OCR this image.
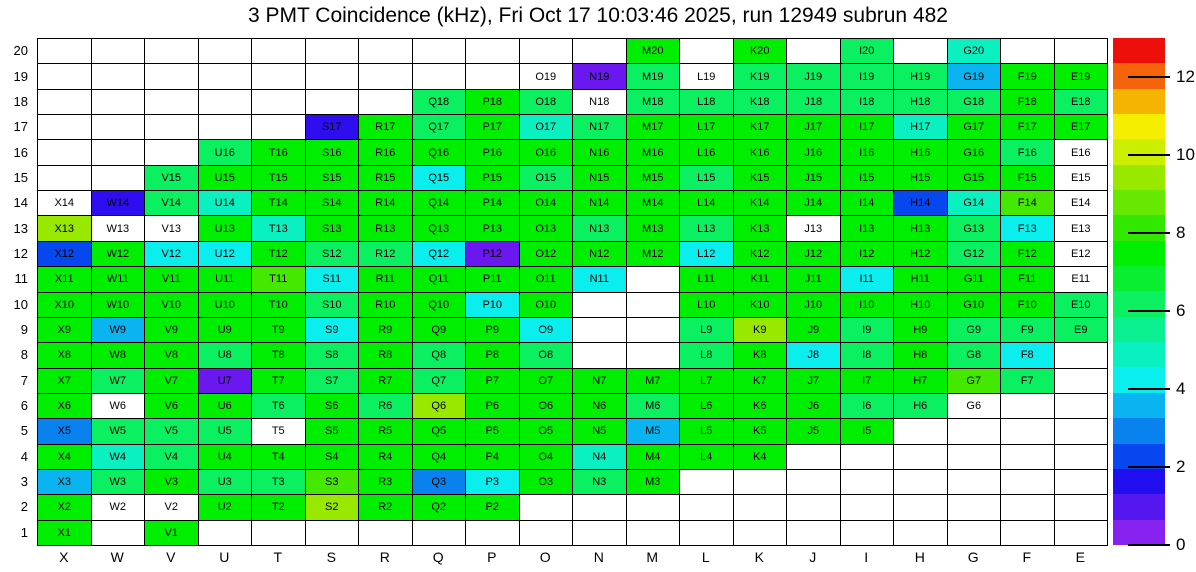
3 PMT Coincidence (kHz), Fri Oct 17 10:03:46 2025, run 12949 subrun 482
20
19
18
17
16
15
14
13
12
11
10
9
8
7
6
5
4
3
2
1
M20	K20	I20	G20
O19	N19	M19	L19	K19	J19	I19	H19	G19	F19	E19
Q18	P18	O18	N18	M18	L18	K18	J18	I18	H18	G18	F18	E18
S17	R17	Q17	P17	O17	N17	M17	L17	K17	J17	I17	H17	G17	F17	E17
U16	T16	S16	R16	Q16	P16	O16	N16	M16	L16	K16	J16	I16	H16	G16	F16	E16
V15	U15	T15	S15	R15	Q15	P15	O15	N15	M15	L15	K15	J15	I15	H15	G15	F15	E15
X14	W14	V14	U14	T14	S14	R14	Q14	P14	O14	N14	M14	L14	K14	J14	I14	H14	G14	F14	E14
X13	W13	V13	U13	T13	S13	R13	Q13	P13	O13	N13	M13	L13	K13	J13	I13	H13	G13	F13	E13
X12	W12	V12	U12	T12	S12	R12	Q12	P12	O12	N12	M12	L12	K12	J12	I12	H12	G12	F12	E12
X11	W11	V11	U11	T11	S11	R11	Q11	P11	O11	N11	L11	K11	J11	I11	H11	G11	F11	E11
X10	W10	V10	U10	T10	S10	R10	Q10	P10	O10	L10	K10	J10	I10	H10	G10	F10	E10
X9	W9	V9	U9	T9	S9	R9	Q9	P9	O9	L9	K9	J9	I9	H9	G9	F9	E9
X8	W8	V8	U8	T8	S8	R8	Q8	P8	O8	L8	K8	J8	I8	H8	G8	F8
X7	W7	V7	U7	T7	S7	R7	Q7	P7	O7	N7	M7	L7	K7	J7	I7	H7	G7	F7
X6	W6	V6	U6	T6	S6	R6	Q6	P6	O6	N6	M6	L6	K6	J6	I6	H6	G6
X5	W5	V5	U5	T5	S5	R5	Q5	P5	O5	N5	M5	L5	K5	J5	I5
X4	W4	V4	U4	T4	S4	R4	Q4	P4	O4	N4	M4	L4	K4
X3	W3	V3	U3	T3	S3	R3	Q3	P3	O3	N3	M3
X2	W2	V2	U2	T2	S2	R2	Q2	P2
X1	V1
X	W	V	U	T	S	R	Q	P	O	N	M	L	K	J	I	H	G	F	E
0
2
4
6
8
10
12
